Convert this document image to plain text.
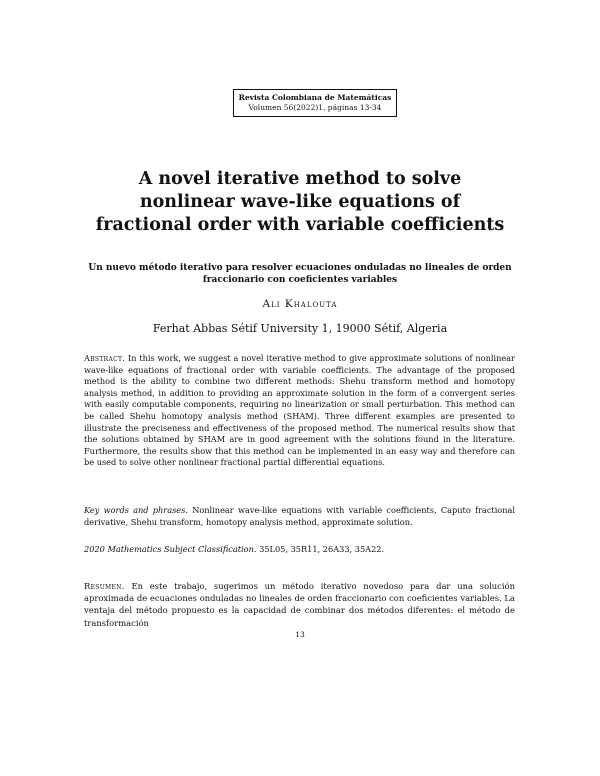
Revista Colombiana de Matemáticas
Volumen 56(2022)1, páginas 13-34
A novel iterative method to solve nonlinear wave-like equations of fractional order with variable coefficients
Un nuevo método iterativo para resolver ecuaciones onduladas no lineales de orden fraccionario con coeficientes variables
Ali Khalouta
Ferhat Abbas Sétif University 1, 19000 Sétif, Algeria

Abstract. In this work, we suggest a novel iterative method to give approximate solutions of nonlinear wave-like equations of fractional order with variable coefficients. The advantage of the proposed method is the ability to combine two different methods: Shehu transform method and homotopy analysis method, in addition to providing an approximate solution in the form of a convergent series with easily computable components, requiring no linearization or small perturbation. This method can be called Shehu homotopy analysis method (SHAM). Three different examples are presented to illustrate the preciseness and effectiveness of the proposed method. The numerical results show that the solutions obtained by SHAM are in good agreement with the solutions found in the literature. Furthermore, the results show that this method can be implemented in an easy way and therefore can be used to solve other nonlinear fractional partial differential equations.

Key words and phrases. Nonlinear wave-like equations with variable coefficients, Caputo fractional derivative, Shehu transform, homotopy analysis method, approximate solution.

2020 Mathematics Subject Classification. 35L05, 35R11, 26A33, 35A22.

Resumen. En este trabajo, sugerimos un método iterativo novedoso para dar una solución aproximada de ecuaciones onduladas no lineales de orden fraccionario con coeficientes variables. La ventaja del método propuesto es la capacidad de combinar dos métodos diferentes: el método de transformación

13
